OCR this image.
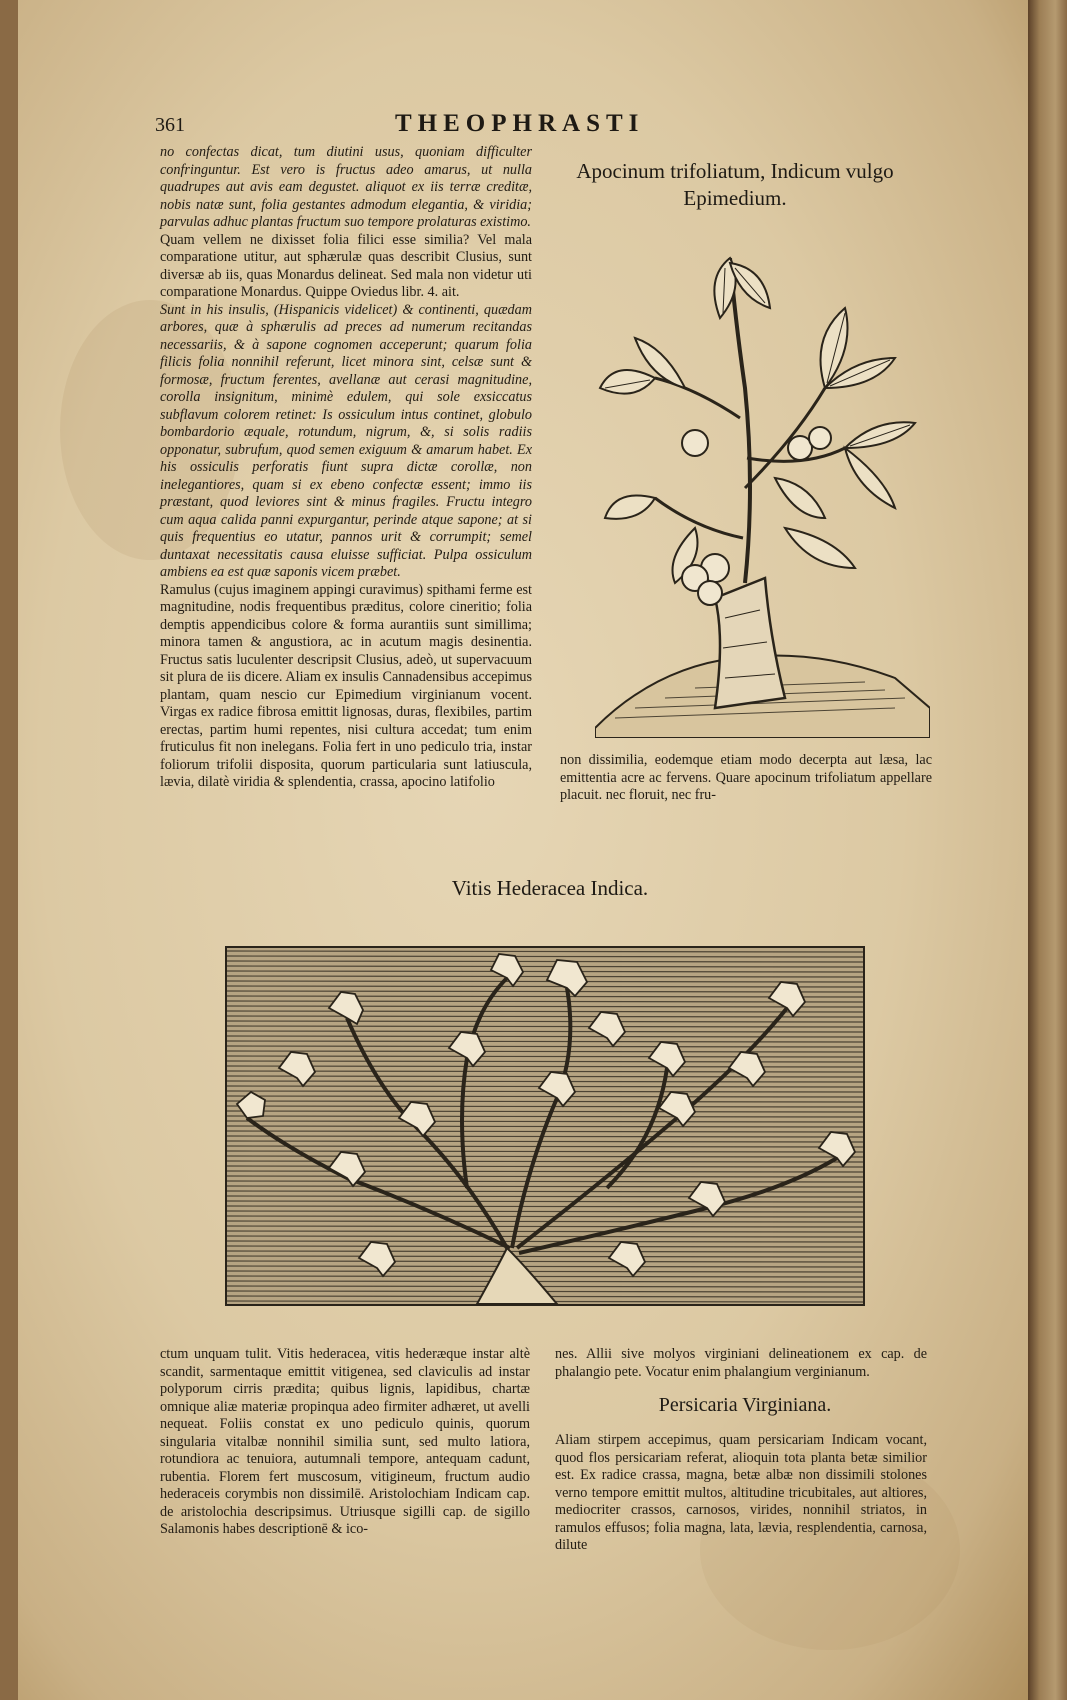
361	THEOPHRASTI

no confectas dicat, tum diutini usus, quoniam difficulter confringuntur. Est vero is fructus adeo amarus, ut nulla quadrupes aut avis eam degustet. aliquot ex iis terræ creditæ, nobis natæ sunt, folia gestantes admodum elegantia, & viridia; parvulas adhuc plantas fructum suo tempore prolaturas existimo.

Quam vellem ne dixisset folia filici esse similia? Vel mala comparatione utitur, aut sphærulæ quas describit Clusius, sunt diversæ ab iis, quas Monardus delineat. Sed mala non videtur uti comparatione Monardus. Quippe Oviedus libr. 4. ait.

Sunt in his insulis, (Hispanicis videlicet) & continenti, quædam arbores, quæ à sphærulis ad preces ad numerum recitandas necessariis, & à sapone cognomen acceperunt; quarum folia filicis folia nonnihil referunt, licet minora sint, celsæ sunt & formosæ, fructum ferentes, avellanæ aut cerasi magnitudine, corolla insignitum, minimè edulem, qui sole exsiccatus subflavum colorem retinet: Is ossiculum intus continet, globulo bombardorio æquale, rotundum, nigrum, &, si solis radiis opponatur, subrufum, quod semen exiguum & amarum habet. Ex his ossiculis perforatis fiunt supra dictæ corollæ, non inelegantiores, quam si ex ebeno confectæ essent; immo iis præstant, quod leviores sint & minus fragiles. Fructu integro cum aqua calida panni expurgantur, perinde atque sapone; at si quis frequentius eo utatur, pannos urit & corrumpit; semel duntaxat necessitatis causa eluisse sufficiat. Pulpa ossiculum ambiens ea est quæ saponis vicem præbet.

Ramulus (cujus imaginem appingi curavimus) spithami ferme est magnitudine, nodis frequentibus præditus, colore cineritio; folia demptis appendicibus colore & forma aurantiis sunt simillima; minora tamen & angustiora, ac in acutum magis desinentia. Fructus satis luculenter descripsit Clusius, adeò, ut supervacuum sit plura de iis dicere. Aliam ex insulis Cannadensibus accepimus plantam, quam nescio cur Epimedium virginianum vocent. Virgas ex radice fibrosa emittit lignosas, duras, flexibiles, partim erectas, partim humi repentes, nisi cultura accedat; tum enim fruticulus fit non inelegans. Folia fert in uno pediculo tria, instar foliorum trifolii disposita, quorum particularia sunt latiuscula, lævia, dilatè viridia & splendentia, crassa, apocino latifolio

Apocinum trifoliatum, Indicum vulgo Epimedium.

non dissimilia, eodemque etiam modo decerpta aut læsa, lac emittentia acre ac fervens. Quare apocinum trifoliatum appellare placuit. nec floruit, nec fru-

Vitis Hederacea Indica.

ctum unquam tulit. Vitis hederacea, vitis hederæque instar altè scandit, sarmentaque emittit vitigenea, sed claviculis ad instar polyporum cirris prædita; quibus lignis, lapidibus, chartæ omnique aliæ materiæ propinqua adeo firmiter adhæret, ut avelli nequeat. Foliis constat ex uno pediculo quinis, quorum singularia vitalbæ nonnihil similia sunt, sed multo latiora, rotundiora ac tenuiora, autumnali tempore, antequam cadunt, rubentia. Florem fert muscosum, vitigineum, fructum audio hederaceis corymbis non dissimilē. Aristolochiam Indicam cap. de aristolochia descripsimus. Utriusque sigilli cap. de sigillo Salamonis habes descriptionē & ico-

nes. Allii sive molyos virginiani delineationem ex cap. de phalangio pete. Vocatur enim phalangium verginianum.

Persicaria Virginiana.

Aliam stirpem accepimus, quam persicariam Indicam vocant, quod flos persicariam referat, alioquin tota planta betæ similior est. Ex radice crassa, magna, betæ albæ non dissimili stolones verno tempore emittit multos, altitudine tricubitales, aut altiores, mediocriter crassos, carnosos, virides, nonnihil striatos, in ramulos effusos; folia magna, lata, lævia, resplendentia, carnosa, dilute
